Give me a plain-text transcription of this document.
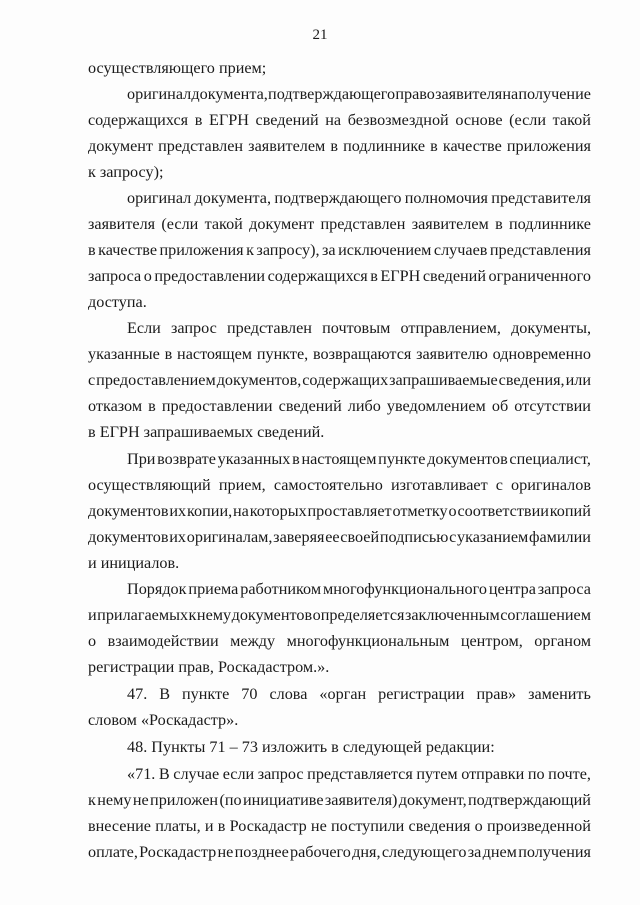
21
осуществляющего прием;
оригинал документа, подтверждающего право заявителя на получение
содержащихся в ЕГРН сведений на безвозмездной основе (если такой
документ представлен заявителем в подлиннике в качестве приложения
к запросу);
оригинал документа, подтверждающего полномочия представителя
заявителя (если такой документ представлен заявителем в подлиннике
в качестве приложения к запросу), за исключением случаев представления
запроса о предоставлении содержащихся в ЕГРН сведений ограниченного
доступа.
Если запрос представлен почтовым отправлением, документы,
указанные в настоящем пункте, возвращаются заявителю одновременно
с предоставлением документов, содержащих запрашиваемые сведения, или
отказом в предоставлении сведений либо уведомлением об отсутствии
в ЕГРН запрашиваемых сведений.
При возврате указанных в настоящем пункте документов специалист,
осуществляющий прием, самостоятельно изготавливает с оригиналов
документов их копии, на которых проставляет отметку о соответствии копий
документов их оригиналам, заверяя ее своей подписью с указанием фамилии
и инициалов.
Порядок приема работником многофункционального центра запроса
и прилагаемых к нему документов определяется заключенным соглашением
о взаимодействии между многофункциональным центром, органом
регистрации прав, Роскадастром.».
47. В пункте 70 слова «орган регистрации прав» заменить
словом «Роскадастр».
48. Пункты 71 – 73 изложить в следующей редакции:
«71. В случае если запрос представляется путем отправки по почте,
к нему не приложен (по инициативе заявителя) документ, подтверждающий
внесение платы, и в Роскадастр не поступили сведения о произведенной
оплате, Роскадастр не позднее рабочего дня, следующего за днем получения
